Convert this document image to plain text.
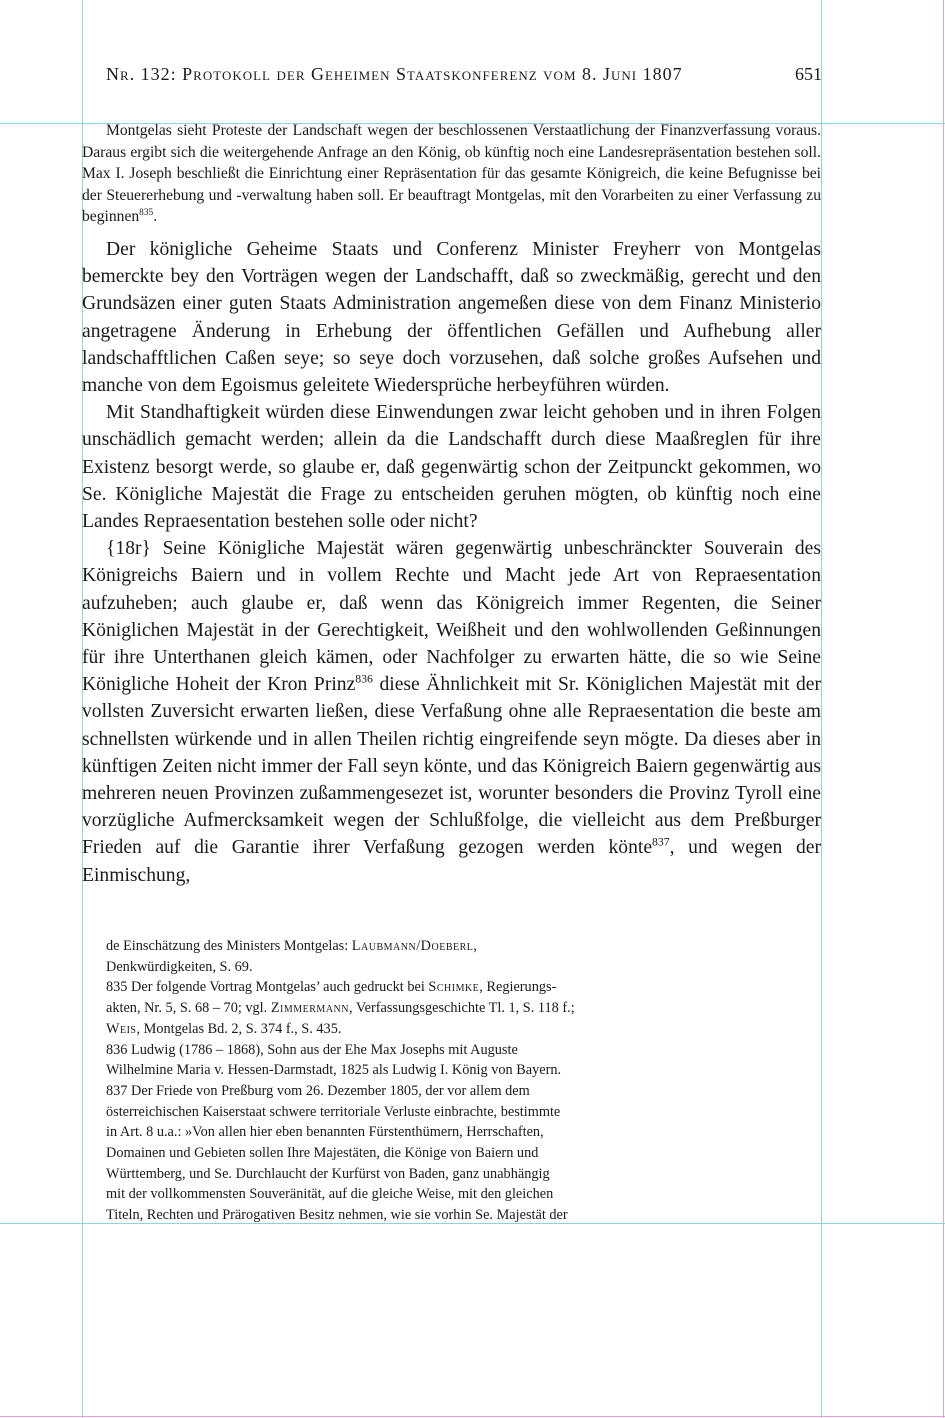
Nr. 132: Protokoll der Geheimen Staatskonferenz vom 8. Juni 1807	651

Montgelas sieht Proteste der Landschaft wegen der beschlossenen Verstaatlichung der Finanzverfassung voraus. Daraus ergibt sich die weitergehende Anfrage an den König, ob künftig noch eine Landesrepräsentation bestehen soll. Max I. Joseph beschließt die Einrichtung einer Repräsentation für das gesamte Königreich, die keine Befugnisse bei der Steuererhebung und -verwaltung haben soll. Er beauftragt Montgelas, mit den Vorarbeiten zu einer Verfassung zu beginnen$^{835}$.

Der königliche Geheime Staats und Conferenz Minister Freyherr von Montgelas bemerckte bey den Vorträgen wegen der Landschafft, daß so zweckmäßig, gerecht und den Grundsäzen einer guten Staats Administration angemeßen diese von dem Finanz Ministerio angetragene Änderung in Erhebung der öffentlichen Gefällen und Aufhebung aller landschafftlichen Caßen seye; so seye doch vorzusehen, daß solche großes Aufsehen und manche von dem Egoismus geleitete Wiedersprüche herbeyführen würden.

Mit Standhaftigkeit würden diese Einwendungen zwar leicht gehoben und in ihren Folgen unschädlich gemacht werden; allein da die Landschafft durch diese Maaßreglen für ihre Existenz besorgt werde, so glaube er, daß gegenwärtig schon der Zeitpunckt gekommen, wo Se. Königliche Majestät die Frage zu entscheiden geruhen mögten, ob künftig noch eine Landes Repraesentation bestehen solle oder nicht?

{18r} Seine Königliche Majestät wären gegenwärtig unbeschränckter Souverain des Königreichs Baiern und in vollem Rechte und Macht jede Art von Repraesentation aufzuheben; auch glaube er, daß wenn das Königreich immer Regenten, die Seiner Königlichen Majestät in der Gerechtigkeit, Weißheit und den wohlwollenden Geßinnungen für ihre Unterthanen gleich kämen, oder Nachfolger zu erwarten hätte, die so wie Seine Königliche Hoheit der Kron Prinz$^{836}$ diese Ähnlichkeit mit Sr. Königlichen Majestät mit der vollsten Zuversicht erwarten ließen, diese Verfaßung ohne alle Repraesentation die beste am schnellsten würkende und in allen Theilen richtig eingreifende seyn mögte. Da dieses aber in künftigen Zeiten nicht immer der Fall seyn könte, und das Königreich Baiern gegenwärtig aus mehreren neuen Provinzen zußammengesezet ist, worunter besonders die Provinz Tyroll eine vorzügliche Aufmercksamkeit wegen der Schlußfolge, die vielleicht aus dem Preßburger Frieden auf die Garantie ihrer Verfaßung gezogen werden könte$^{837}$, und wegen der Einmischung,

de Einschätzung des Ministers Montgelas: Laubmann/Doeberl,
Denkwürdigkeiten, S. 69.
835 Der folgende Vortrag Montgelas’ auch gedruckt bei Schimke, Regierungs-
akten, Nr. 5, S. 68 – 70; vgl. Zimmermann, Verfassungsgeschichte Tl. 1, S. 118 f.;
Weis, Montgelas Bd. 2, S. 374 f., S. 435.
836 Ludwig (1786 – 1868), Sohn aus der Ehe Max Josephs mit Auguste
Wilhelmine Maria v. Hessen-Darmstadt, 1825 als Ludwig I. König von Bayern.
837 Der Friede von Preßburg vom 26. Dezember 1805, der vor allem dem
österreichischen Kaiserstaat schwere territoriale Verluste einbrachte, bestimmte
in Art. 8 u.a.: »Von allen hier eben benannten Fürstenthümern, Herrschaften,
Domainen und Gebieten sollen Ihre Majestäten, die Könige von Baiern und
Württemberg, und Se. Durchlaucht der Kurfürst von Baden, ganz unabhängig
mit der vollkommensten Souveränität, auf die gleiche Weise, mit den gleichen
Titeln, Rechten und Prärogativen Besitz nehmen, wie sie vorhin Se. Majestät der
